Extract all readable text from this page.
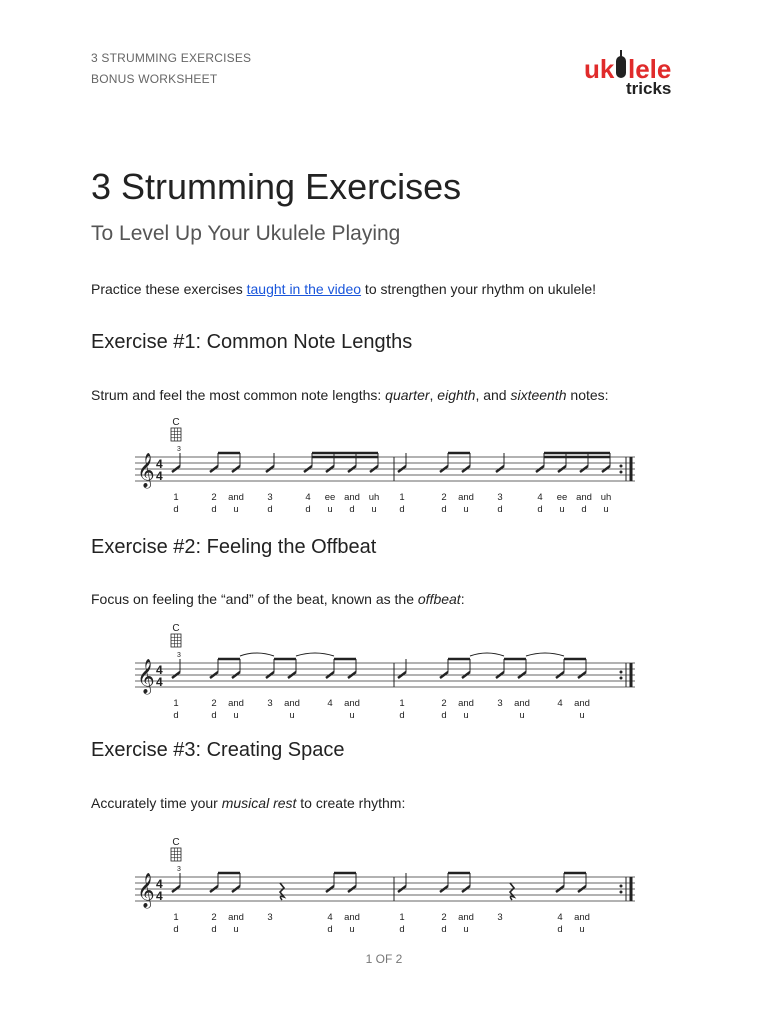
3 STRUMMING EXERCISES
BONUS WORKSHEET	uk lele
tricks
3 Strumming Exercises
To Level Up Your Ukulele Playing

Practice these exercises taught in the video to strengthen your rhythm on ukulele!

Exercise #1: Common Note Lengths

Strum and feel the most common note lengths: quarter, eighth, and sixteenth notes:

C
3
𝄞 4
4
1	2 and 3	4 ee and uh 1	2 and 3	4 ee and uh
d	d u	d	d u d u d	d u	d	d u d u
Exercise #2: Feeling the Offbeat

Focus on feeling the “and” of the beat, known as the offbeat:

C
3
𝄞 4
4
1	2 and 3 and	4 and	1	2 and 3 and	4 and
d	d u	u	u	d	d u	u	u
Exercise #3: Creating Space

Accurately time your musical rest to create rhythm:

C
3
𝄞 4
4
1	2 and 3	4 and	1	2 and 3	4 and
d	d u	d u	d	d u	d u
1 OF 2
